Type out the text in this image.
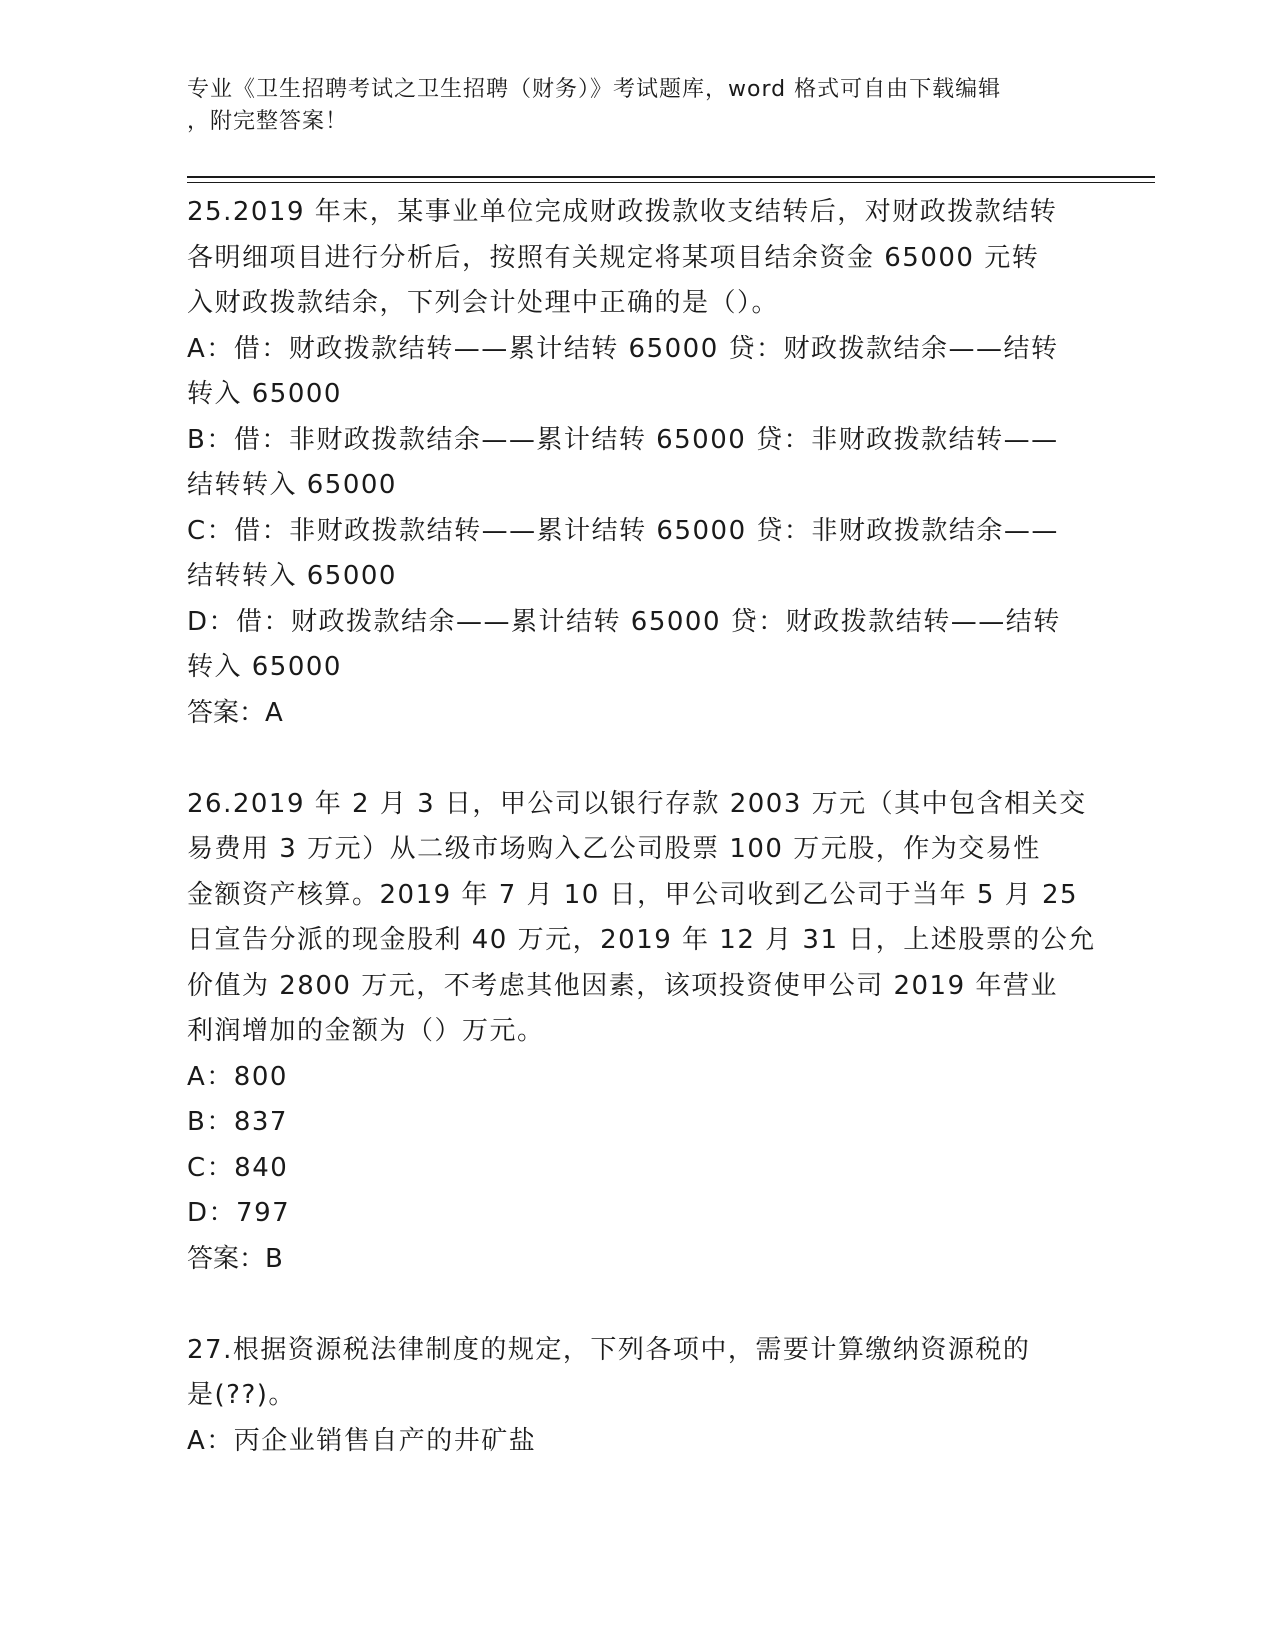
专业《卫生招聘考试之卫生招聘（财务）》考试题库，word 格式可自由下载编辑
，附完整答案！
25.2019 年末，某事业单位完成财政拨款收支结转后，对财政拨款结转
各明细项目进行分析后，按照有关规定将某项目结余资金 65000 元转
入财政拨款结余，下列会计处理中正确的是（）。
A：借：财政拨款结转——累计结转 65000 贷：财政拨款结余——结转
转入 65000
B：借：非财政拨款结余——累计结转 65000 贷：非财政拨款结转——
结转转入 65000
C：借：非财政拨款结转——累计结转 65000 贷：非财政拨款结余——
结转转入 65000
D：借：财政拨款结余——累计结转 65000 贷：财政拨款结转——结转
转入 65000
答案：A
26.2019 年 2 月 3 日，甲公司以银行存款 2003 万元（其中包含相关交
易费用 3 万元）从二级市场购入乙公司股票 100 万元股，作为交易性
金额资产核算。2019 年 7 月 10 日，甲公司收到乙公司于当年 5 月 25
日宣告分派的现金股利 40 万元，2019 年 12 月 31 日，上述股票的公允
价值为 2800 万元，不考虑其他因素，该项投资使甲公司 2019 年营业
利润增加的金额为（）万元。
A：800
B：837
C：840
D：797
答案：B
27.根据资源税法律制度的规定，下列各项中，需要计算缴纳资源税的
是(??)。
A：丙企业销售自产的井矿盐
